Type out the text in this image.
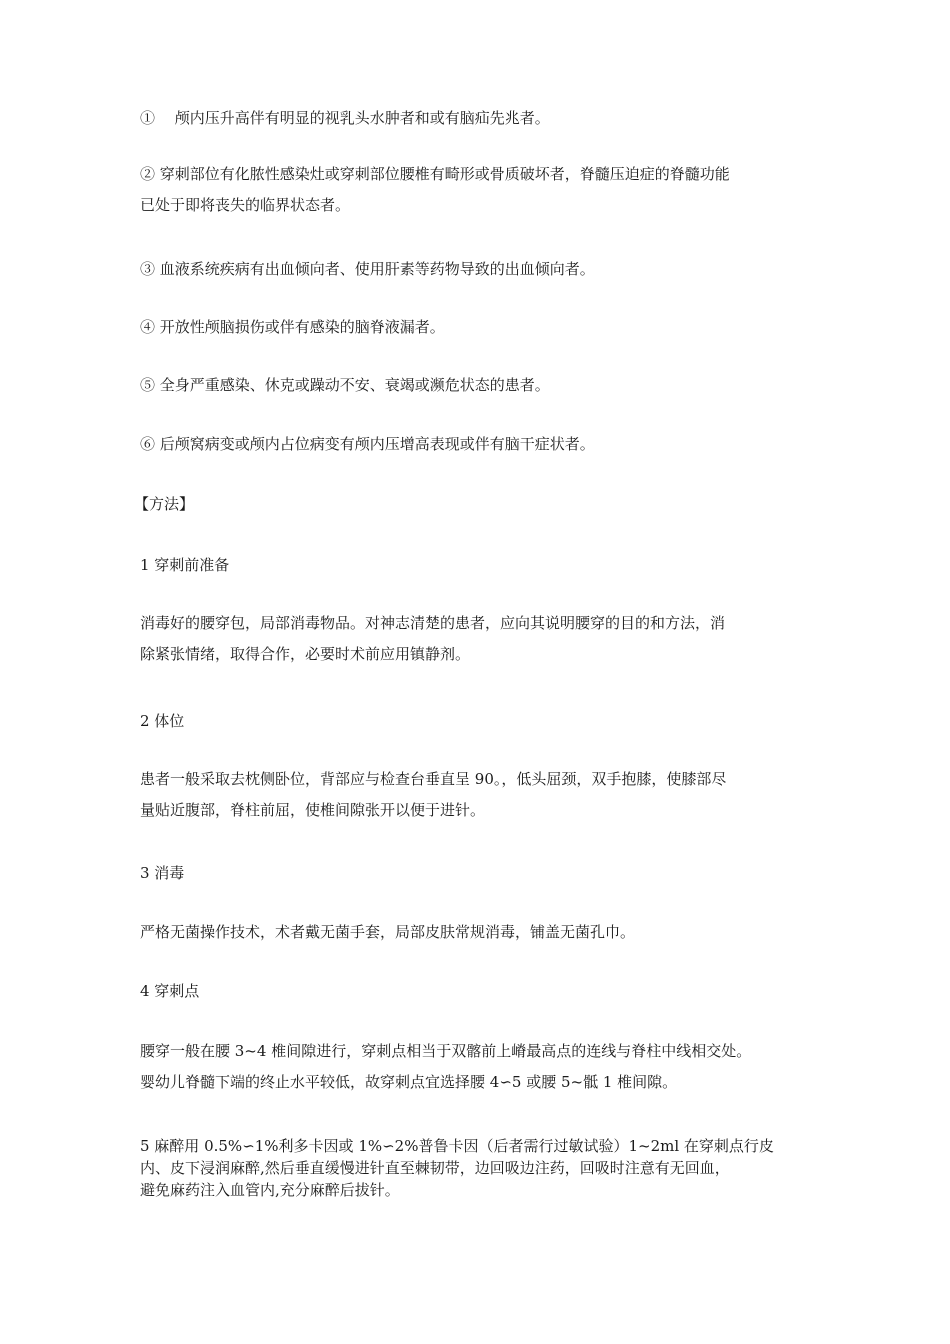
①　 颅内压升高伴有明显的视乳头水肿者和或有脑疝先兆者。

② 穿刺部位有化脓性感染灶或穿刺部位腰椎有畸形或骨质破坏者，脊髓压迫症的脊髓功能
已处于即将丧失的临界状态者。

③ 血液系统疾病有出血倾向者、使用肝素等药物导致的出血倾向者。

④ 开放性颅脑损伤或伴有感染的脑脊液漏者。

⑤ 全身严重感染、休克或躁动不安、衰竭或濒危状态的患者。

⑥ 后颅窝病变或颅内占位病变有颅内压增高表现或伴有脑干症状者。

【方法】

1 穿刺前准备

消毒好的腰穿包，局部消毒物品。对神志清楚的患者，应向其说明腰穿的目的和方法，消
除紧张情绪，取得合作，必要时术前应用镇静剂。

2 体位

患者一般采取去枕侧卧位，背部应与检查台垂直呈 90。，低头屈颈，双手抱膝，使膝部尽
量贴近腹部，脊柱前屈，使椎间隙张开以便于进针。

3 消毒

严格无菌操作技术，术者戴无菌手套，局部皮肤常规消毒，铺盖无菌孔巾。

4 穿刺点

腰穿一般在腰 3~4 椎间隙进行，穿刺点相当于双髂前上嵴最高点的连线与脊柱中线相交处。
婴幼儿脊髓下端的终止水平较低，故穿刺点宜选择腰 4∽5 或腰 5~骶 1 椎间隙。

5 麻醉用 0.5%∽1%利多卡因或 1%∽2%普鲁卡因（后者需行过敏试验）1~2ml 在穿刺点行皮
内、皮下浸润麻醉,然后垂直缓慢进针直至棘韧带，边回吸边注药，回吸时注意有无回血，
避免麻药注入血管内,充分麻醉后拔针。
